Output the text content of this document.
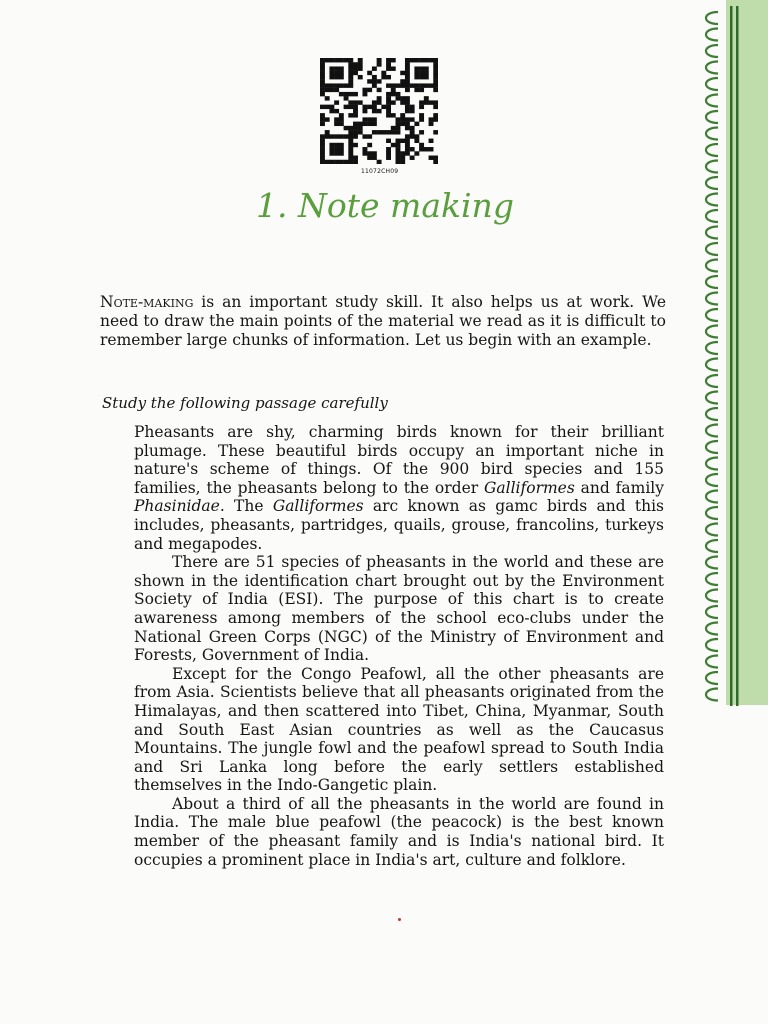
11072CH09
1. Note making

Note-making is an important study skill. It also helps us at work. We need to draw the main points of the material we read as it is difficult to remember large chunks of information. Let us begin with an example.

Study the following passage carefully

Pheasants are shy, charming birds known for their brilliant plumage. These beautiful birds occupy an important niche in nature's scheme of things. Of the 900 bird species and 155 families, the pheasants belong to the order Galliformes and family Phasinidae. The Galliformes arc known as gamc birds and this includes, pheasants, partridges, quails, grouse, francolins, turkeys and megapodes.

There are 51 species of pheasants in the world and these are shown in the identification chart brought out by the Environment Society of India (ESI). The purpose of this chart is to create awareness among members of the school eco-clubs under the National Green Corps (NGC) of the Ministry of Environment and Forests, Government of India.

Except for the Congo Peafowl, all the other pheasants are from Asia. Scientists believe that all pheasants originated from the Himalayas, and then scattered into Tibet, China, Myanmar, South and South East Asian countries as well as the Caucasus Mountains. The jungle fowl and the peafowl spread to South India and Sri Lanka long before the early settlers established themselves in the Indo-Gangetic plain.

About a third of all the pheasants in the world are found in India. The male blue peafowl (the peacock) is the best known member of the pheasant family and is India's national bird. It occupies a prominent place in India's art, culture and folklore.
